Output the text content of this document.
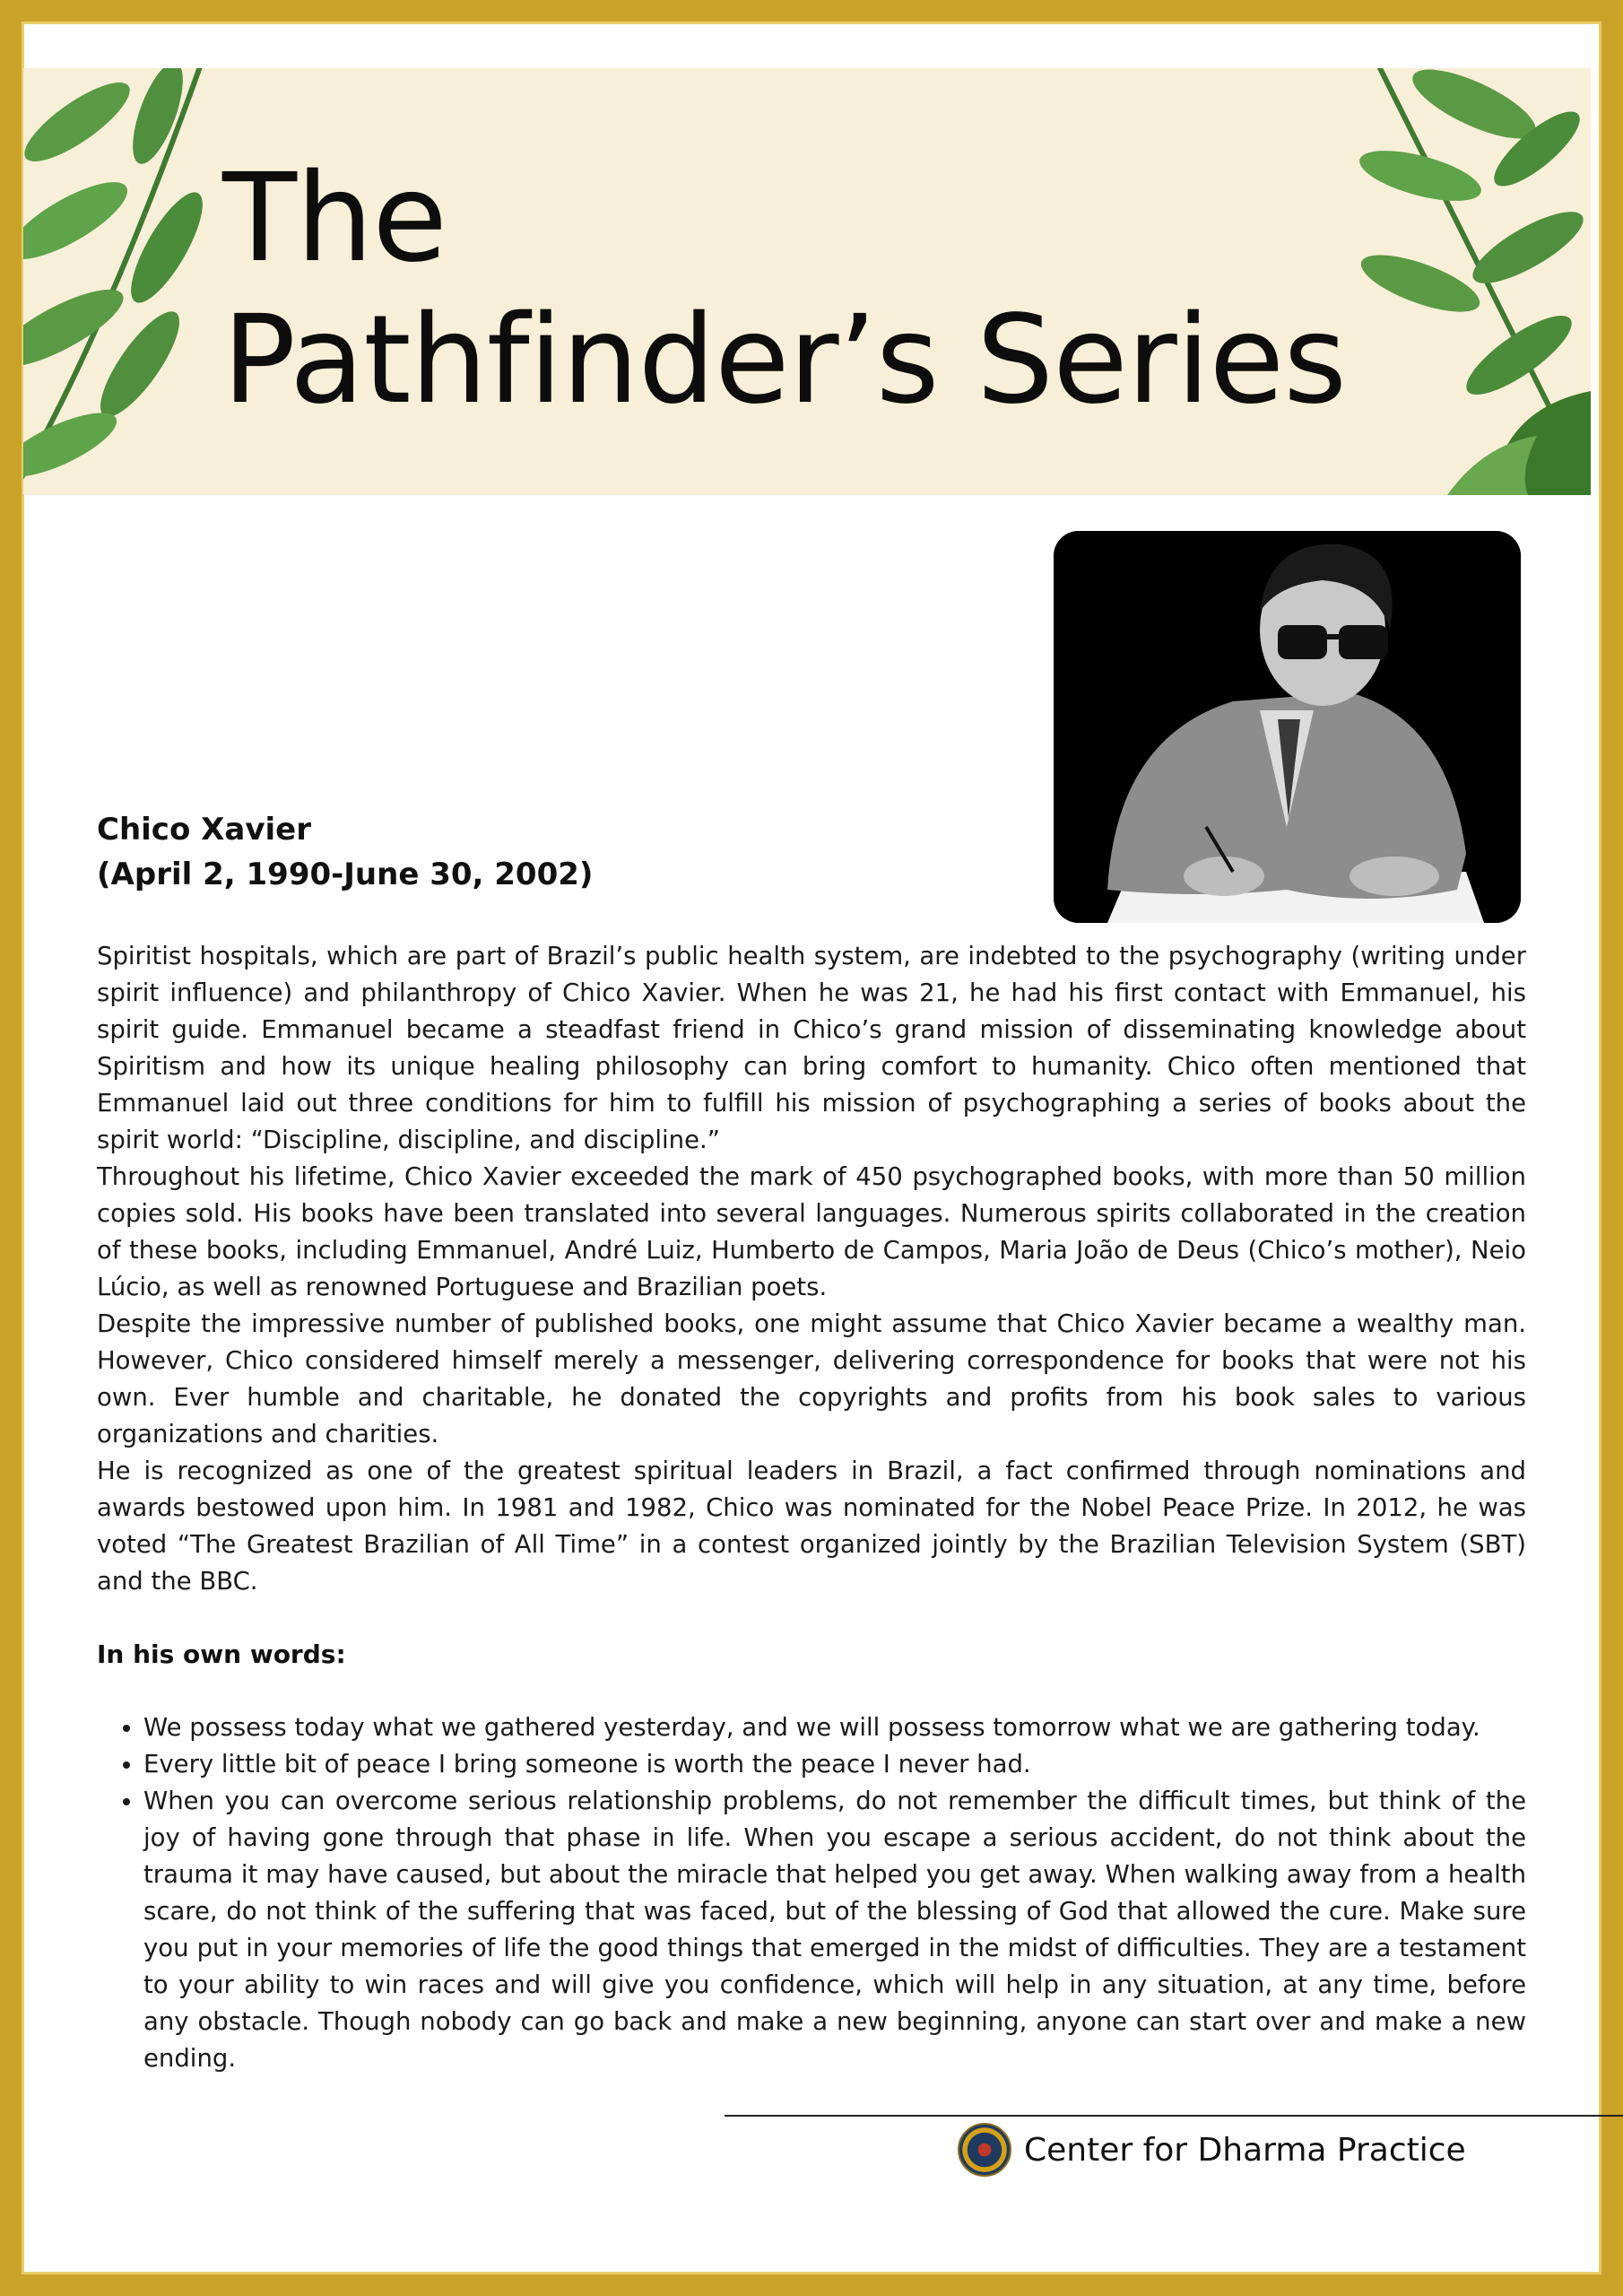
The
Pathfinder’s Series
Chico Xavier
(April 2, 1990-June 30, 2002)

Spiritist hospitals, which are part of Brazil’s public health system, are indebted to the psychography (writing under spirit influence) and philanthropy of Chico Xavier. When he was 21, he had his first contact with Emmanuel, his spirit guide. Emmanuel became a steadfast friend in Chico’s grand mission of disseminating knowledge about Spiritism and how its unique healing philosophy can bring comfort to humanity. Chico often mentioned that Emmanuel laid out three conditions for him to fulfill his mission of psychographing a series of books about the spirit world: “Discipline, discipline, and discipline.”

Throughout his lifetime, Chico Xavier exceeded the mark of 450 psychographed books, with more than 50 million copies sold. His books have been translated into several languages. Numerous spirits collaborated in the creation of these books, including Emmanuel, André Luiz, Humberto de Campos, Maria João de Deus (Chico’s mother), Neio Lúcio, as well as renowned Portuguese and Brazilian poets.

Despite the impressive number of published books, one might assume that Chico Xavier became a wealthy man. However, Chico considered himself merely a messenger, delivering correspondence for books that were not his own. Ever humble and charitable, he donated the copyrights and profits from his book sales to various organizations and charities.

He is recognized as one of the greatest spiritual leaders in Brazil, a fact confirmed through nominations and awards bestowed upon him. In 1981 and 1982, Chico was nominated for the Nobel Peace Prize. In 2012, he was voted “The Greatest Brazilian of All Time” in a contest organized jointly by the Brazilian Television System (SBT) and the BBC.

In his own words:
• We possess today what we gathered yesterday, and we will possess tomorrow what we are gathering today.
• Every little bit of peace I bring someone is worth the peace I never had.
• When you can overcome serious relationship problems, do not remember the difficult times, but think of the joy of having gone through that phase in life. When you escape a serious accident, do not think about the trauma it may have caused, but about the miracle that helped you get away. When walking away from a health scare, do not think of the suffering that was faced, but of the blessing of God that allowed the cure. Make sure you put in your memories of life the good things that emerged in the midst of difficulties. They are a testament to your ability to win races and will give you confidence, which will help in any situation, at any time, before any obstacle. Though nobody can go back and make a new beginning, anyone can start over and make a new ending.
Center for Dharma Practice
